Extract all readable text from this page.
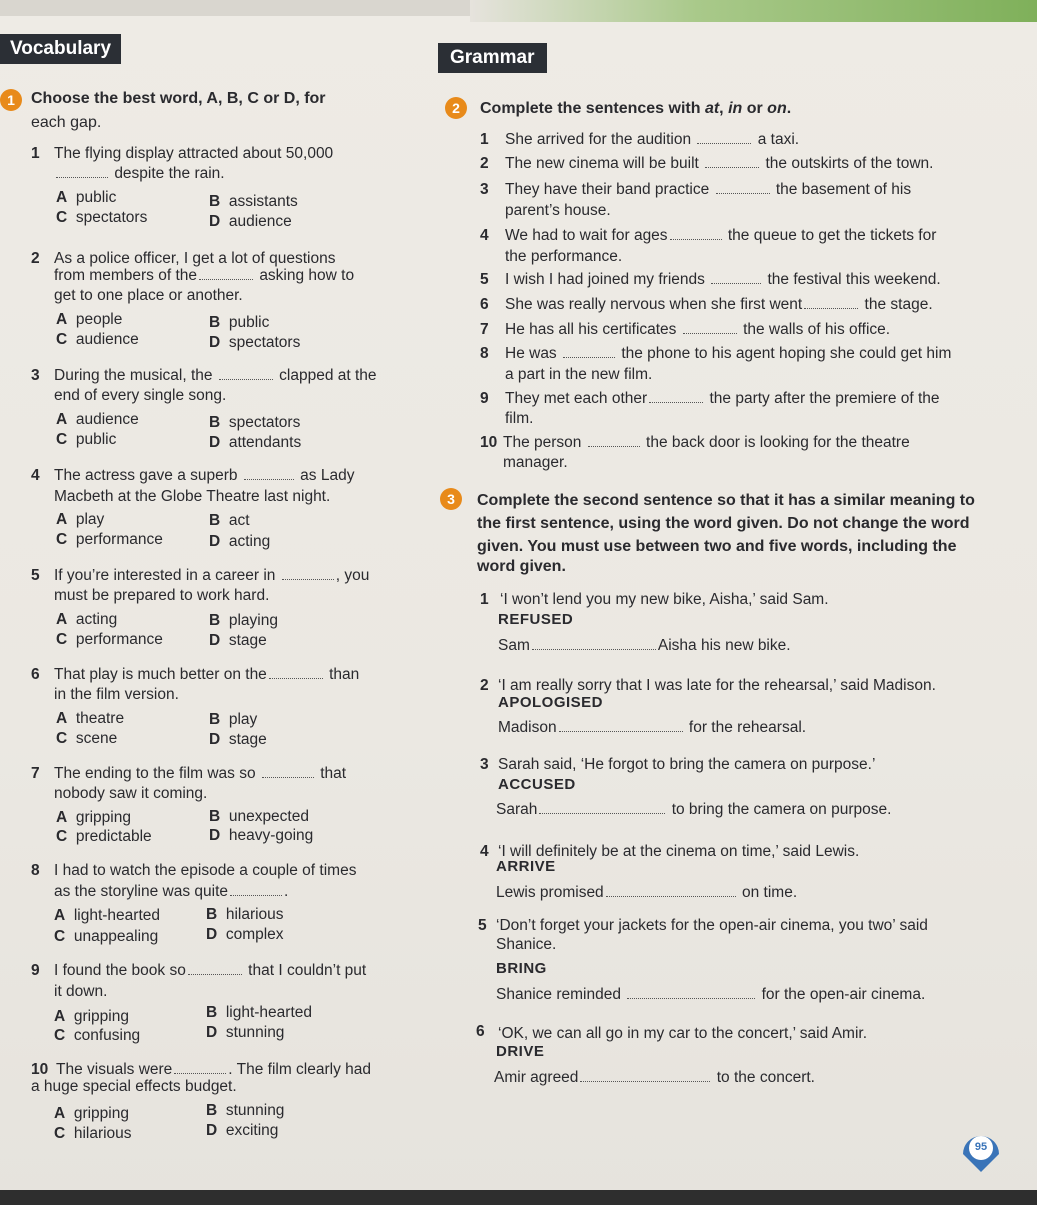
Vocabulary
1	Choose the best word, A, B, C or D, for
each gap.
1 The flying display attracted about 50,000
despite the rain.
A public	B assistants
C spectators	D audience
2 As a police officer, I get a lot of questions
from members of the	asking how to
get to one place or another.
A people	B public
C audience	D spectators
3 During the musical, the	clapped at the
end of every single song.
A audience	B spectators
C public	D attendants
4 The actress gave a superb	as Lady
Macbeth at the Globe Theatre last night.
A play	B act
C performance	D acting
5 If you’re interested in a career in	, you
must be prepared to work hard.
A acting	B playing
C performance	D stage
6 That play is much better on the	than
in the film version.
A theatre	B play
C scene	D stage
7 The ending to the film was so	that
nobody saw it coming.
A gripping	B unexpected
C predictable	D heavy-going
8 I had to watch the episode a couple of times
as the storyline was quite	.
A light-hearted	B hilarious
C unappealing	D complex
9 I found the book so	that I couldn’t put
it down.
A gripping	B light-hearted
C confusing	D stunning
10 The visuals were	. The film clearly had
a huge special effects budget.
A gripping	B stunning
C hilarious	D exciting
Grammar
2	Complete the sentences with at, in or on.
1 She arrived for the audition	a taxi.
2 The new cinema will be built	the outskirts of the town.
3 They have their band practice	the basement of his
parent’s house.
4 We had to wait for ages	the queue to get the tickets for
the performance.
5 I wish I had joined my friends	the festival this weekend.
6 She was really nervous when she first went	the stage.
7 He has all his certificates	the walls of his office.
8 He was	the phone to his agent hoping she could get him
a part in the new film.
9 They met each other	the party after the premiere of the
film.
10 The person	the back door is looking for the theatre
manager.
3	Complete the second sentence so that it has a similar meaning to
the first sentence, using the word given. Do not change the word
given. You must use between two and five words, including the
word given.
1 ‘I won’t lend you my new bike, Aisha,’ said Sam.
REFUSED
Sam	Aisha his new bike.
2 ‘I am really sorry that I was late for the rehearsal,’ said Madison.
APOLOGISED
Madison	for the rehearsal.
3 Sarah said, ‘He forgot to bring the camera on purpose.’
ACCUSED
Sarah	to bring the camera on purpose.
4 ‘I will definitely be at the cinema on time,’ said Lewis.
ARRIVE
Lewis promised	on time.
5 ‘Don’t forget your jackets for the open-air cinema, you two’ said
Shanice.
BRING
Shanice reminded	for the open-air cinema.
6 ‘OK, we can all go in my car to the concert,’ said Amir.
DRIVE
Amir agreed	to the concert.
95
